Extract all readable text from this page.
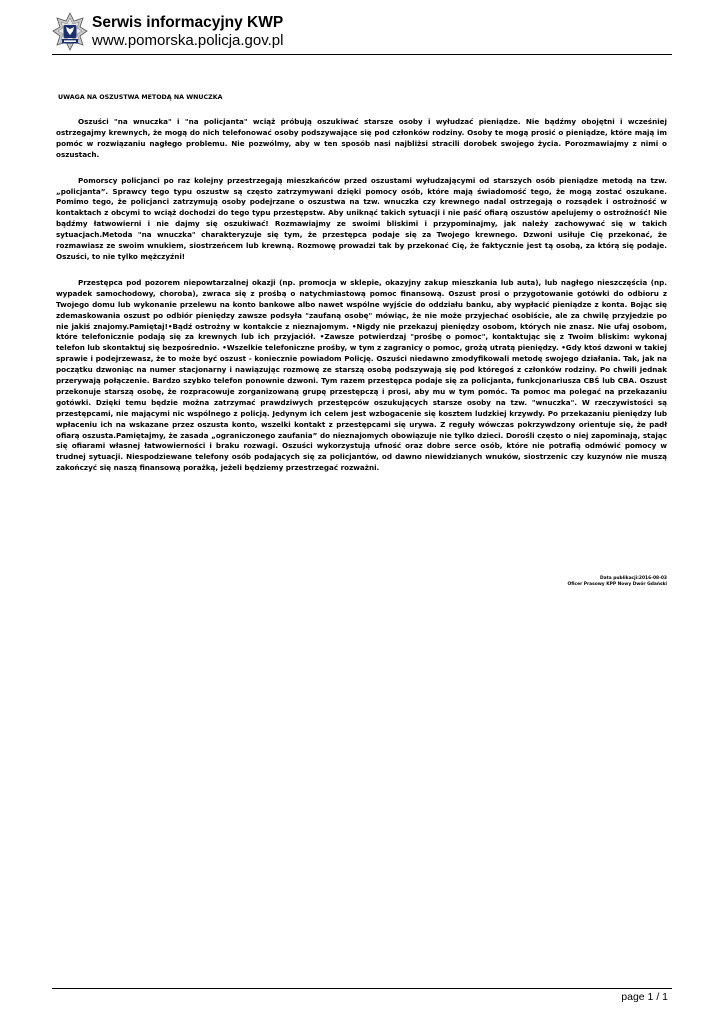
Serwis informacyjny KWP
www.pomorska.policja.gov.pl
UWAGA NA OSZUSTWA METODĄ NA WNUCZKA

Oszuści "na wnuczka" i "na policjanta" wciąż próbują oszukiwać starsze osoby i wyłudzać pieniądze. Nie bądźmy obojętni i wcześniej ostrzegajmy krewnych, że mogą do nich telefonować osoby podszywające się pod członków rodziny. Osoby te mogą prosić o pieniądze, które mają im pomóc w rozwiązaniu nagłego problemu. Nie pozwólmy, aby w ten sposób nasi najbliżsi stracili dorobek swojego życia. Porozmawiajmy z nimi o oszustach.

Pomorscy policjanci po raz kolejny przestrzegają mieszkańców przed oszustami wyłudzającymi od starszych osób pieniądze metodą na tzw. „policjanta”. Sprawcy tego typu oszustw są często zatrzymywani dzięki pomocy osób, które mają świadomość tego, że mogą zostać oszukane. Pomimo tego, że policjanci zatrzymują osoby podejrzane o oszustwa na tzw. wnuczka czy krewnego nadal ostrzegają o rozsądek i ostrożność w kontaktach z obcymi to wciąż dochodzi do tego typu przestępstw. Aby uniknąć takich sytuacji i nie paść ofiarą oszustów apelujemy o ostrożność! Nie bądźmy łatwowierni i nie dajmy się oszukiwać! Rozmawiajmy ze swoimi bliskimi i przypominajmy, jak należy zachowywać się w takich sytuacjach.Metoda "na wnuczka" charakteryzuje się tym, że przestępca podaje się za Twojego krewnego. Dzwoni usiłuje Cię przekonać, że rozmawiasz ze swoim wnukiem, siostrzeńcem lub krewną. Rozmowę prowadzi tak by przekonać Cię, że faktycznie jest tą osobą, za którą się podaje. Oszuści, to nie tylko mężczyźni!

Przestępca pod pozorem niepowtarzalnej okazji (np. promocja w sklepie, okazyjny zakup mieszkania lub auta), lub nagłego nieszczęścia (np. wypadek samochodowy, choroba), zwraca się z prośbą o natychmiastową pomoc finansową. Oszust prosi o przygotowanie gotówki do odbioru z Twojego domu lub wykonanie przelewu na konto bankowe albo nawet wspólne wyjście do oddziału banku, aby wypłacić pieniądze z konta. Bojąc się zdemaskowania oszust po odbiór pieniędzy zawsze podsyła "zaufaną osobę" mówiąc, że nie może przyjechać osobiście, ale za chwilę przyjedzie po nie jakiś znajomy.Pamiętaj!•Bądź ostrożny w kontakcie z nieznajomym. •Nigdy nie przekazuj pieniędzy osobom, których nie znasz. Nie ufaj osobom, które telefonicznie podają się za krewnych lub ich przyjaciół. •Zawsze potwierdzaj "prośbę o pomoc", kontaktując się z Twoim bliskim: wykonaj telefon lub skontaktuj się bezpośrednio. •Wszelkie telefoniczne prośby, w tym z zagranicy o pomoc, grożą utratą pieniędzy. •Gdy ktoś dzwoni w takiej sprawie i podejrzewasz, że to może być oszust - koniecznie powiadom Policję. Oszuści niedawno zmodyfikowali metodę swojego działania. Tak, jak na początku dzwoniąc na numer stacjonarny i nawiązując rozmowę ze starszą osobą podszywają się pod któregoś z członków rodziny. Po chwili jednak przerywają połączenie. Bardzo szybko telefon ponownie dzwoni. Tym razem przestępca podaje się za policjanta, funkcjonariusza CBŚ lub CBA. Oszust przekonuje starszą osobę, że rozpracowuje zorganizowaną grupę przestępczą i prosi, aby mu w tym pomóc. Ta pomoc ma polegać na przekazaniu gotówki. Dzięki temu będzie można zatrzymać prawdziwych przestępców oszukujących starsze osoby na tzw. "wnuczka". W rzeczywistości są przestępcami, nie mającymi nic wspólnego z policją. Jedynym ich celem jest wzbogacenie się kosztem ludzkiej krzywdy. Po przekazaniu pieniędzy lub wpłaceniu ich na wskazane przez oszusta konto, wszelki kontakt z przestępcami się urywa. Z reguły wówczas pokrzywdzony orientuje się, że padł ofiarą oszusta.Pamiętajmy, że zasada „ograniczonego zaufania” do nieznajomych obowiązuje nie tylko dzieci. Dorośli często o niej zapominają, stając się ofiarami własnej łatwowierności i braku rozwagi. Oszuści wykorzystują ufność oraz dobre serce osób, które nie potrafią odmówić pomocy w trudnej sytuacji. Niespodziewane telefony osób podających się za policjantów, od dawno niewidzianych wnuków, siostrzenic czy kuzynów nie muszą zakończyć się naszą finansową porażką, jeżeli będziemy przestrzegać rozważni.

Data publikacji:2016-08-03
Oficer Prasowy KPP Nowy Dwór Gdański
page 1 / 1
